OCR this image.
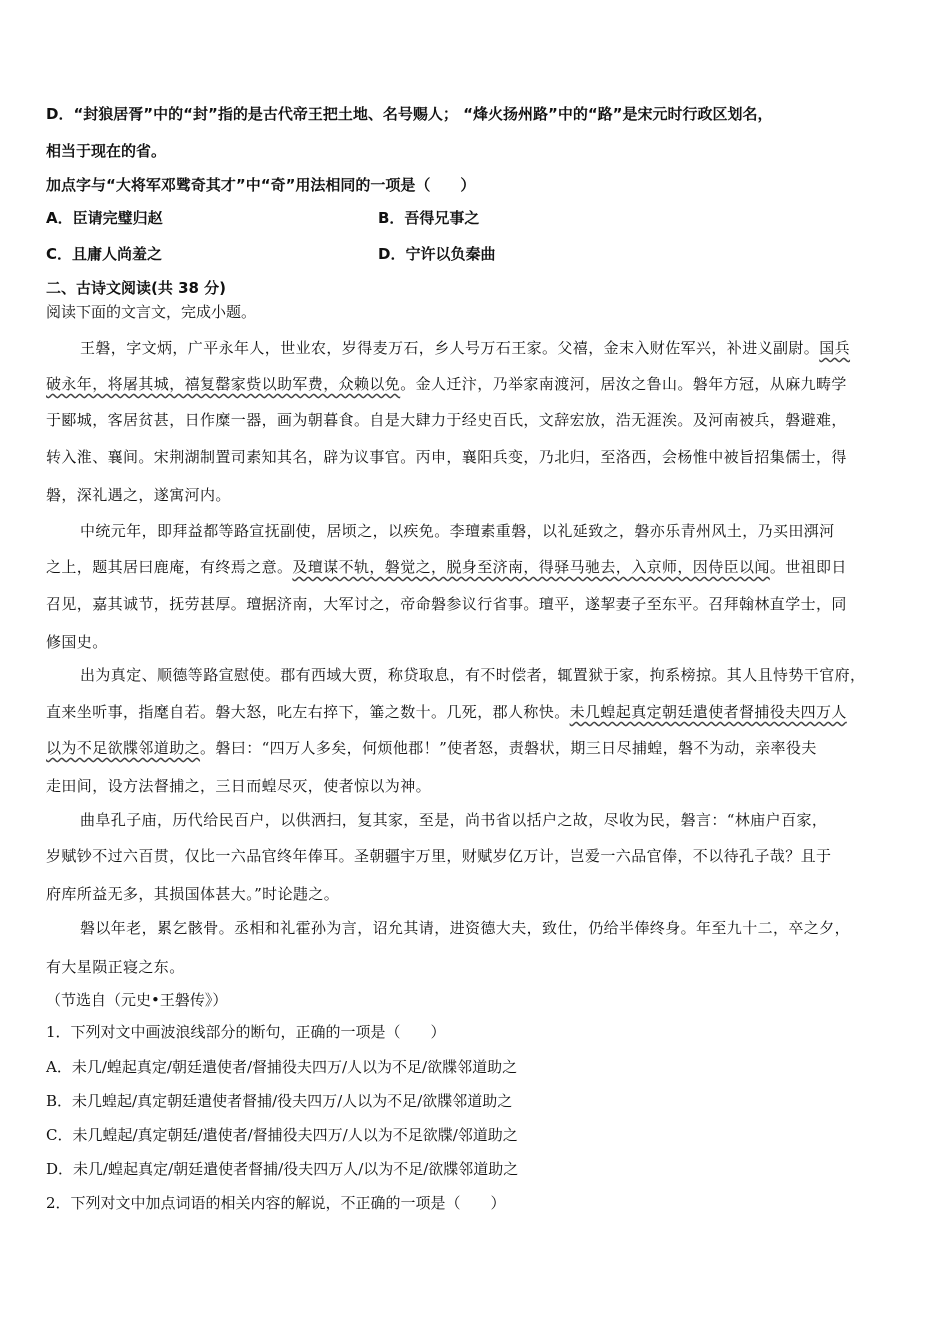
D．“封狼居胥”中的“封”指的是古代帝王把土地、名号赐人； “烽火扬州路”中的“路”是宋元时行政区划名，
相当于现在的省。
加点字与“大将军邓骘奇其才”中“奇”用法相同的一项是（　　）
A．臣请完璧归赵	B．吾得兄事之
C．且庸人尚羞之	D．宁许以负秦曲
二、古诗文阅读(共 38 分)
阅读下面的文言文，完成小题。
王磐，字文炳，广平永年人，世业农，岁得麦万石，乡人号万石王家。父禧，金末入财佐军兴，补进义副尉。国兵
破永年，将屠其城，禧复罄家赀以助军费，众赖以免。金人迁汴，乃举家南渡河，居汝之鲁山。磐年方冠，从麻九畴学
于郾城，客居贫甚，日作糜一器，画为朝暮食。自是大肆力于经史百氏，文辞宏放，浩无涯涘。及河南被兵，磐避难，
转入淮、襄间。宋荆湖制置司素知其名，辟为议事官。丙申，襄阳兵变，乃北归，至洛西，会杨惟中被旨招集儒士，得
磐，深礼遇之，遂寓河内。
中统元年，即拜益都等路宣抚副使，居顷之，以疾免。李璮素重磐，以礼延致之，磐亦乐青州风土，乃买田渳河
之上，题其居曰鹿庵，有终焉之意。及璮谋不轨，磐觉之，脱身至济南，得驿马驰去，入京师，因侍臣以闻。世祖即日
召见，嘉其诚节，抚劳甚厚。璮据济南，大军讨之，帝命磐参议行省事。璮平，遂挈妻子至东平。召拜翰林直学士，同
修国史。
出为真定、顺德等路宣慰使。郡有西域大贾，称贷取息，有不时偿者，辄置狱于家，拘系榜掠。其人且恃势干官府，
直来坐听事，指麾自若。磐大怒，叱左右捽下，箠之数十。几死，郡人称快。未几蝗起真定朝廷遣使者督捕役夫四万人
以为不足欲牒邻道助之。磐曰：“四万人多矣，何烦他郡！”使者怒，责磐状，期三日尽捕蝗，磐不为动，亲率役夫
走田间，设方法督捕之，三日而蝗尽灭，使者惊以为神。
曲阜孔子庙，历代给民百户，以供洒扫，复其家，至是，尚书省以括户之故，尽收为民，磐言：“林庙户百家，
岁赋钞不过六百贯，仅比一六品官终年俸耳。圣朝疆宇万里，财赋岁亿万计，岂爱一六品官俸，不以待孔子哉？且于
府库所益无多，其损国体甚大。”时论韪之。
磐以年老，累乞骸骨。丞相和礼霍孙为言，诏允其请，进资德大夫，致仕，仍给半俸终身。年至九十二，卒之夕，
有大星陨正寝之东。
（节选自（元史•王磐传》）
1．下列对文中画波浪线部分的断句，正确的一项是（　　）
A．未几/蝗起真定/朝廷遣使者/督捕役夫四万/人以为不足/欲牒邻道助之
B．未几蝗起/真定朝廷遣使者督捕/役夫四万/人以为不足/欲牒邻道助之
C．未几蝗起/真定朝廷/遣使者/督捕役夫四万/人以为不足欲牒/邻道助之
D．未几/蝗起真定/朝廷遣使者督捕/役夫四万人/以为不足/欲牒邻道助之
2．下列对文中加点词语的相关内容的解说，不正确的一项是（　　）
